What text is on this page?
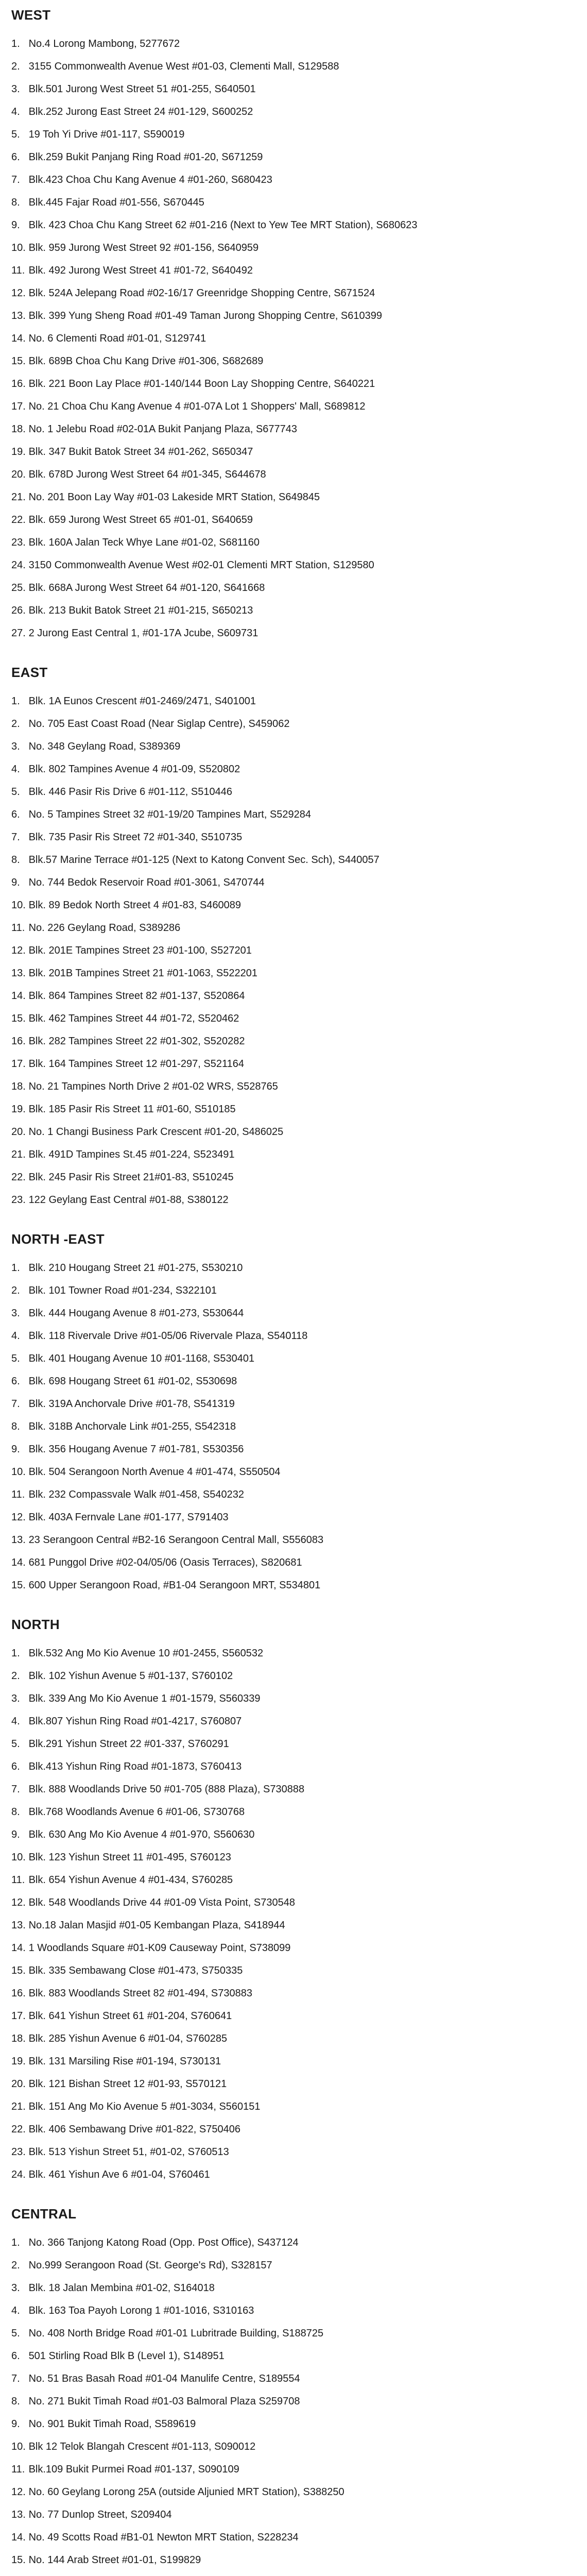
WEST
1. No.4 Lorong Mambong, 5277672
2. 3155 Commonwealth Avenue West #01-03, Clementi Mall, S129588
3. Blk.501 Jurong West Street 51 #01-255, S640501
4. Blk.252 Jurong East Street 24 #01-129, S600252
5. 19 Toh Yi Drive #01-117, S590019
6. Blk.259 Bukit Panjang Ring Road #01-20, S671259
7. Blk.423 Choa Chu Kang Avenue 4 #01-260, S680423
8. Blk.445 Fajar Road #01-556, S670445
9. Blk. 423 Choa Chu Kang Street 62 #01-216 (Next to Yew Tee MRT Station), S680623
10. Blk. 959 Jurong West Street 92 #01-156, S640959
11. Blk. 492 Jurong West Street 41 #01-72, S640492
12. Blk. 524A Jelepang Road #02-16/17 Greenridge Shopping Centre, S671524
13. Blk. 399 Yung Sheng Road #01-49 Taman Jurong Shopping Centre, S610399
14. No. 6 Clementi Road #01-01, S129741
15. Blk. 689B Choa Chu Kang Drive #01-306, S682689
16. Blk. 221 Boon Lay Place #01-140/144 Boon Lay Shopping Centre, S640221
17. No. 21 Choa Chu Kang Avenue 4 #01-07A Lot 1 Shoppers' Mall, S689812
18. No. 1 Jelebu Road #02-01A Bukit Panjang Plaza, S677743
19. Blk. 347 Bukit Batok Street 34 #01-262, S650347
20. Blk. 678D Jurong West Street 64 #01-345, S644678
21. No. 201 Boon Lay Way #01-03 Lakeside MRT Station, S649845
22. Blk. 659 Jurong West Street 65 #01-01, S640659
23. Blk. 160A Jalan Teck Whye Lane #01-02, S681160
24. 3150 Commonwealth Avenue West #02-01 Clementi MRT Station, S129580
25. Blk. 668A Jurong West Street 64 #01-120, S641668
26. Blk. 213 Bukit Batok Street 21 #01-215, S650213
27. 2 Jurong East Central 1, #01-17A Jcube, S609731
EAST
1. Blk. 1A Eunos Crescent #01-2469/2471, S401001
2. No. 705 East Coast Road (Near Siglap Centre), S459062
3. No. 348 Geylang Road, S389369
4. Blk. 802 Tampines Avenue 4 #01-09, S520802
5. Blk. 446 Pasir Ris Drive 6 #01-112, S510446
6. No. 5 Tampines Street 32 #01-19/20 Tampines Mart, S529284
7. Blk. 735 Pasir Ris Street 72 #01-340, S510735
8. Blk.57 Marine Terrace #01-125 (Next to Katong Convent Sec. Sch), S440057
9. No. 744 Bedok Reservoir Road #01-3061, S470744
10. Blk. 89 Bedok North Street 4 #01-83, S460089
11. No. 226 Geylang Road, S389286
12. Blk. 201E Tampines Street 23 #01-100, S527201
13. Blk. 201B Tampines Street 21 #01-1063, S522201
14. Blk. 864 Tampines Street 82 #01-137, S520864
15. Blk. 462 Tampines Street 44 #01-72, S520462
16. Blk. 282 Tampines Street 22 #01-302, S520282
17. Blk. 164 Tampines Street 12 #01-297, S521164
18. No. 21 Tampines North Drive 2 #01-02 WRS, S528765
19. Blk. 185 Pasir Ris Street 11 #01-60, S510185
20. No. 1 Changi Business Park Crescent #01-20, S486025
21. Blk. 491D Tampines St.45 #01-224, S523491
22. Blk. 245 Pasir Ris Street 21#01-83, S510245
23. 122 Geylang East Central #01-88, S380122
NORTH -EAST
1. Blk. 210 Hougang Street 21 #01-275, S530210
2. Blk. 101 Towner Road #01-234, S322101
3. Blk. 444 Hougang Avenue 8 #01-273, S530644
4. Blk. 118 Rivervale Drive #01-05/06 Rivervale Plaza, S540118
5. Blk. 401 Hougang Avenue 10 #01-1168, S530401
6. Blk. 698 Hougang Street 61 #01-02, S530698
7. Blk. 319A Anchorvale Drive #01-78, S541319
8. Blk. 318B Anchorvale Link #01-255, S542318
9. Blk. 356 Hougang Avenue 7 #01-781, S530356
10. Blk. 504 Serangoon North Avenue 4 #01-474, S550504
11. Blk. 232 Compassvale Walk #01-458, S540232
12. Blk. 403A Fernvale Lane #01-177, S791403
13. 23 Serangoon Central #B2-16 Serangoon Central Mall, S556083
14. 681 Punggol Drive #02-04/05/06 (Oasis Terraces), S820681
15. 600 Upper Serangoon Road, #B1-04 Serangoon MRT, S534801
NORTH
1. Blk.532 Ang Mo Kio Avenue 10 #01-2455, S560532
2. Blk. 102 Yishun Avenue 5 #01-137, S760102
3. Blk. 339 Ang Mo Kio Avenue 1 #01-1579, S560339
4. Blk.807 Yishun Ring Road #01-4217, S760807
5. Blk.291 Yishun Street 22 #01-337, S760291
6. Blk.413 Yishun Ring Road #01-1873, S760413
7. Blk. 888 Woodlands Drive 50 #01-705 (888 Plaza), S730888
8. Blk.768 Woodlands Avenue 6 #01-06, S730768
9. Blk. 630 Ang Mo Kio Avenue 4 #01-970, S560630
10. Blk. 123 Yishun Street 11 #01-495, S760123
11. Blk. 654 Yishun Avenue 4 #01-434, S760285
12. Blk. 548 Woodlands Drive 44 #01-09 Vista Point, S730548
13. No.18 Jalan Masjid #01-05 Kembangan Plaza, S418944
14. 1 Woodlands Square #01-K09 Causeway Point, S738099
15. Blk. 335 Sembawang Close #01-473, S750335
16. Blk. 883 Woodlands Street 82 #01-494, S730883
17. Blk. 641 Yishun Street 61 #01-204, S760641
18. Blk. 285 Yishun Avenue 6 #01-04, S760285
19. Blk. 131 Marsiling Rise #01-194, S730131
20. Blk. 121 Bishan Street 12 #01-93, S570121
21. Blk. 151 Ang Mo Kio Avenue 5 #01-3034, S560151
22. Blk. 406 Sembawang Drive #01-822, S750406
23. Blk. 513 Yishun Street 51, #01-02, S760513
24. Blk. 461 Yishun Ave 6 #01-04, S760461
CENTRAL
1. No. 366 Tanjong Katong Road (Opp. Post Office), S437124
2. No.999 Serangoon Road (St. George's Rd), S328157
3. Blk. 18 Jalan Membina #01-02, S164018
4. Blk. 163 Toa Payoh Lorong 1 #01-1016, S310163
5. No. 408 North Bridge Road #01-01 Lubritrade Building, S188725
6. 501 Stirling Road Blk B (Level 1), S148951
7. No. 51 Bras Basah Road #01-04 Manulife Centre, S189554
8. No. 271 Bukit Timah Road #01-03 Balmoral Plaza S259708
9. No. 901 Bukit Timah Road, S589619
10. Blk 12 Telok Blangah Crescent #01-113, S090012
11. Blk.109 Bukit Purmei Road #01-137, S090109
12. No. 60 Geylang Lorong 25A (outside Aljunied MRT Station), S388250
13. No. 77 Dunlop Street, S209404
14. No. 49 Scotts Road #B1-01 Newton MRT Station, S228234
15. No. 144 Arab Street #01-01, S199829
